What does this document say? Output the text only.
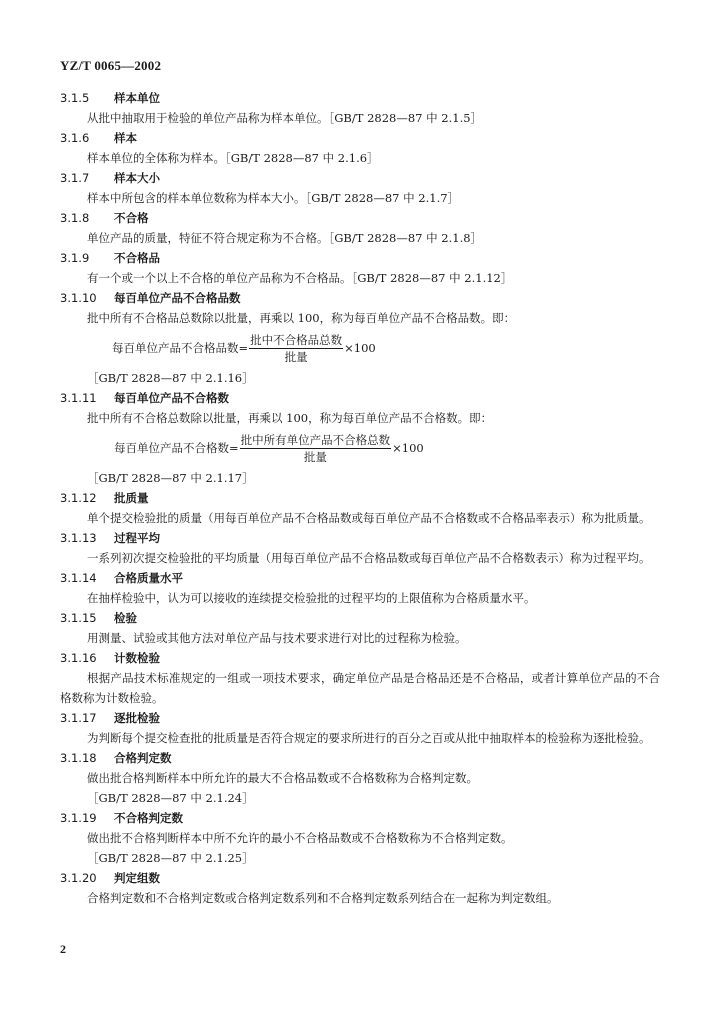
YZ/T 0065—2002
3.1.5 样本单位

从批中抽取用于检验的单位产品称为样本单位。［GB/T 2828—87 中 2.1.5］

3.1.6 样本

样本单位的全体称为样本。［GB/T 2828—87 中 2.1.6］

3.1.7 样本大小

样本中所包含的样本单位数称为样本大小。［GB/T 2828—87 中 2.1.7］

3.1.8 不合格

单位产品的质量，特征不符合规定称为不合格。［GB/T 2828—87 中 2.1.8］

3.1.9 不合格品

有一个或一个以上不合格的单位产品称为不合格品。［GB/T 2828—87 中 2.1.12］

3.1.10 每百单位产品不合格品数

批中所有不合格品总数除以批量，再乘以 100，称为每百单位产品不合格品数。即：

每百单位产品不合格品数= $\frac{\text{批中不合格品总数}}{\text{批量}} \times 100$
［GB/T 2828—87 中 2.1.16］
3.1.11 每百单位产品不合格数

批中所有不合格总数除以批量，再乘以 100，称为每百单位产品不合格数。即：

每百单位产品不合格数= $\frac{\text{批中所有单位产品不合格总数}}{\text{批量}} \times 100$
［GB/T 2828—87 中 2.1.17］
3.1.12 批质量

单个提交检验批的质量（用每百单位产品不合格品数或每百单位产品不合格数或不合格品率表示）称为批质量。

3.1.13 过程平均

一系列初次提交检验批的平均质量（用每百单位产品不合格品数或每百单位产品不合格数表示）称为过程平均。

3.1.14 合格质量水平

在抽样检验中，认为可以接收的连续提交检验批的过程平均的上限值称为合格质量水平。

3.1.15 检验

用测量、试验或其他方法对单位产品与技术要求进行对比的过程称为检验。

3.1.16 计数检验

根据产品技术标准规定的一组或一项技术要求，确定单位产品是合格品还是不合格品，或者计算单位产品的不合格数称为计数检验。

3.1.17 逐批检验

为判断每个提交检查批的批质量是否符合规定的要求所进行的百分之百或从批中抽取样本的检验称为逐批检验。

3.1.18 合格判定数

做出批合格判断样本中所允许的最大不合格品数或不合格数称为合格判定数。

［GB/T 2828—87 中 2.1.24］
3.1.19 不合格判定数

做出批不合格判断样本中所不允许的最小不合格品数或不合格数称为不合格判定数。

［GB/T 2828—87 中 2.1.25］
3.1.20 判定组数

合格判定数和不合格判定数或合格判定数系列和不合格判定数系列结合在一起称为判定数组。

2
